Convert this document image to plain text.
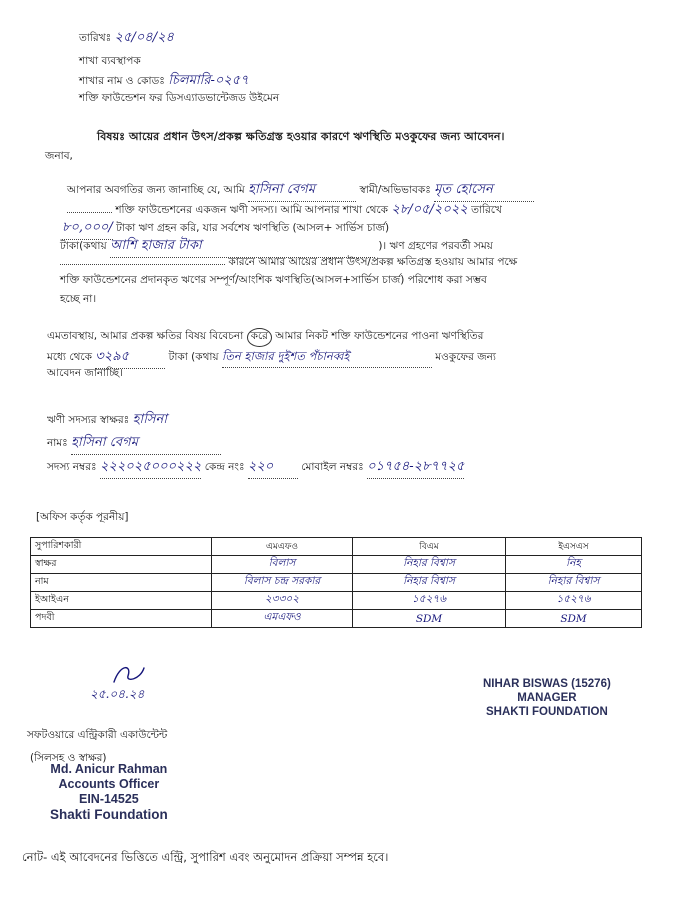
তারিখঃ ২৫/০৪/২৪
শাখা ব্যবস্থাপক
শাখার নাম ও কোডঃ চিলমারি-০২৫৭
শক্তি ফাউন্ডেশন ফর ডিসএ্যাডভান্টেজড উইমেন
বিষয়ঃ আয়ের প্রধান উৎস/প্রকল্প ক্ষতিগ্রস্ত হওয়ার কারণে ঋণস্থিতি মওকুফের জন্য আবেদন।
জনাব,
আপনার অবগতির জন্য জানাচ্ছি যে, আমি হাসিনা বেগম	স্বামী/অভিভাবকঃ মৃত হোসেন
শক্তি ফাউন্ডেশনের একজন ঋণী সদস্য। আমি আপনার শাখা থেকে ২৮/০৫/২০২২ তারিখে
৮০,০০০/ টাকা ঋণ গ্রহন করি, যার সর্বশেষ ঋণস্থিতি (আসল+ সার্ভিস চার্জ)
টাকা(কথায় আশি হাজার টাকা	)। ঋণ গ্রহণের পরবর্তী সময়
কারনে আমার আয়ের প্রধান উৎস/প্রকল্প ক্ষতিগ্রস্ত হওয়ায় আমার পক্ষে
শক্তি ফাউন্ডেশনের প্রদানকৃত ঋণের সম্পূর্ণ/আংশিক ঋণস্থিতি(আসল+সার্ভিস চার্জ) পরিশোধ করা সম্ভব
হচ্ছে না।
এমতাবস্থায়, আমার প্রকল্প ক্ষতির বিষয় বিবেচনা করে আমার নিকট শক্তি ফাউন্ডেশনের পাওনা ঋণস্থিতির
মধ্যে থেকে ৩২৯৫	টাকা (কথায় তিন হাজার দুইশত পঁচানব্বই	মওকুফের জন্য
আবেদন জানাচ্ছি।
ঋণী সদস্যর স্বাক্ষরঃ হাসিনা
নামঃ হাসিনা বেগম
সদস্য নম্বরঃ ২২২০২৫০০০২২২ কেন্দ্র নংঃ ২২০	মোবাইল নম্বরঃ ০১৭৫৪-২৮৭৭২৫
[অফিস কর্তৃক পূরনীয়]
সুপারিশকারী	এমএফও	বিএম	ইএসএস
স্বাক্ষর	বিলাস	নিহার বিশ্বাস	নিহ
নাম	বিলাস চন্দ্র সরকার	নিহার বিশ্বাস	নিহার বিশ্বাস
ইআইএন	২৩৩০২	১৫২৭৬	১৫২৭৬
পদবী	এমএফও	SDM	SDM
২৫.০৪.২৪
NIHAR BISWAS (15276)
MANAGER
SHAKTI FOUNDATION
সফটওয়ারে এন্ট্রিকারী একাউন্টেন্ট
(সিলসহ ও স্বাক্ষর)
Md. Anicur Rahman
Accounts Officer
EIN-14525
Shakti Foundation
নোট- এই আবেদনের ভিত্তিতে এন্ট্রি, সুপারিশ এবং অনুমোদন প্রক্রিয়া সম্পন্ন হবে।
